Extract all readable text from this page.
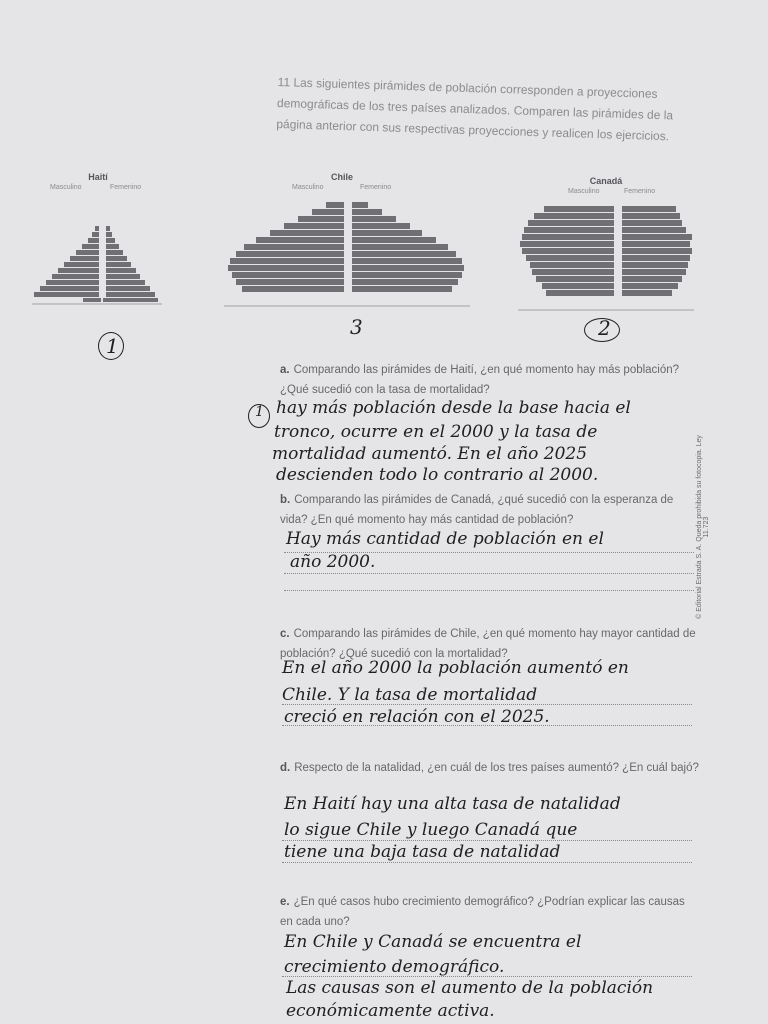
11 Las siguientes pirámides de población corresponden a proyecciones demográficas de los tres países analizados. Comparen las pirámides de la página anterior con sus respectivas proyecciones y realicen los ejercicios.
Haití
Masculino	Femenino
1
Chile
Masculino	Femenino
3
Canadá
Masculino	Femenino
2
a. Comparando las pirámides de Haití, ¿en qué momento hay más población? ¿Qué sucedió con la tasa de mortalidad?
1 hay más población desde la base hacia el
tronco, ocurre en el 2000 y la tasa de
mortalidad aumentó. En el año 2025
descienden todo lo contrario al 2000.
b. Comparando las pirámides de Canadá, ¿qué sucedió con la esperanza de vida? ¿En qué momento hay más cantidad de población?
Hay más cantidad de población en el
año 2000.
c. Comparando las pirámides de Chile, ¿en qué momento hay mayor cantidad de población? ¿Qué sucedió con la mortalidad?
En el año 2000 la población aumentó en
Chile. Y la tasa de mortalidad
creció en relación con el 2025.
d. Respecto de la natalidad, ¿en cuál de los tres países aumentó? ¿En cuál bajó?
En Haití hay una alta tasa de natalidad
lo sigue Chile y luego Canadá que
tiene una baja tasa de natalidad
e. ¿En qué casos hubo crecimiento demográfico? ¿Podrían explicar las causas en cada uno?
En Chile y Canadá se encuentra el
crecimiento demográfico.
Las causas son el aumento de la población
económicamente activa.
© Editorial Estrada S. A. Queda prohibida su fotocopia. Ley 11.723
